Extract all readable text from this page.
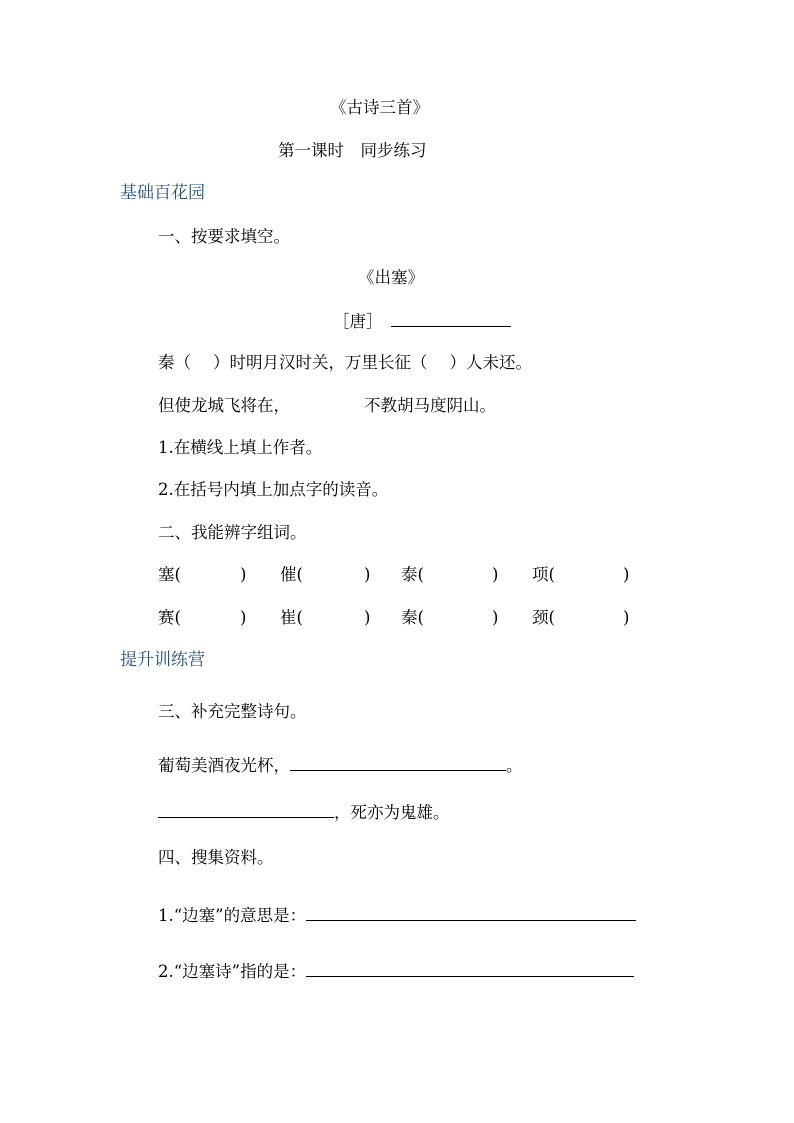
《古诗三首》
第一课时　同步练习
基础百花园
一、按要求填空。
《出塞》
［唐］
秦（ ）时明月汉时关，万里长征（ ）人未还。
但使龙城飞将在，	不教胡马度阴山。
1.在横线上填上作者。
2.在括号内填上加点字的读音。
二、我能辨字组词。
塞(	) 催(	) 泰(	) 项(	)
赛(	) 崔(	) 秦(	) 颈(	)
提升训练营
三、补充完整诗句。
葡萄美酒夜光杯，	。
，死亦为鬼雄。
四、搜集资料。
1.“边塞”的意思是：
2.“边塞诗”指的是：
